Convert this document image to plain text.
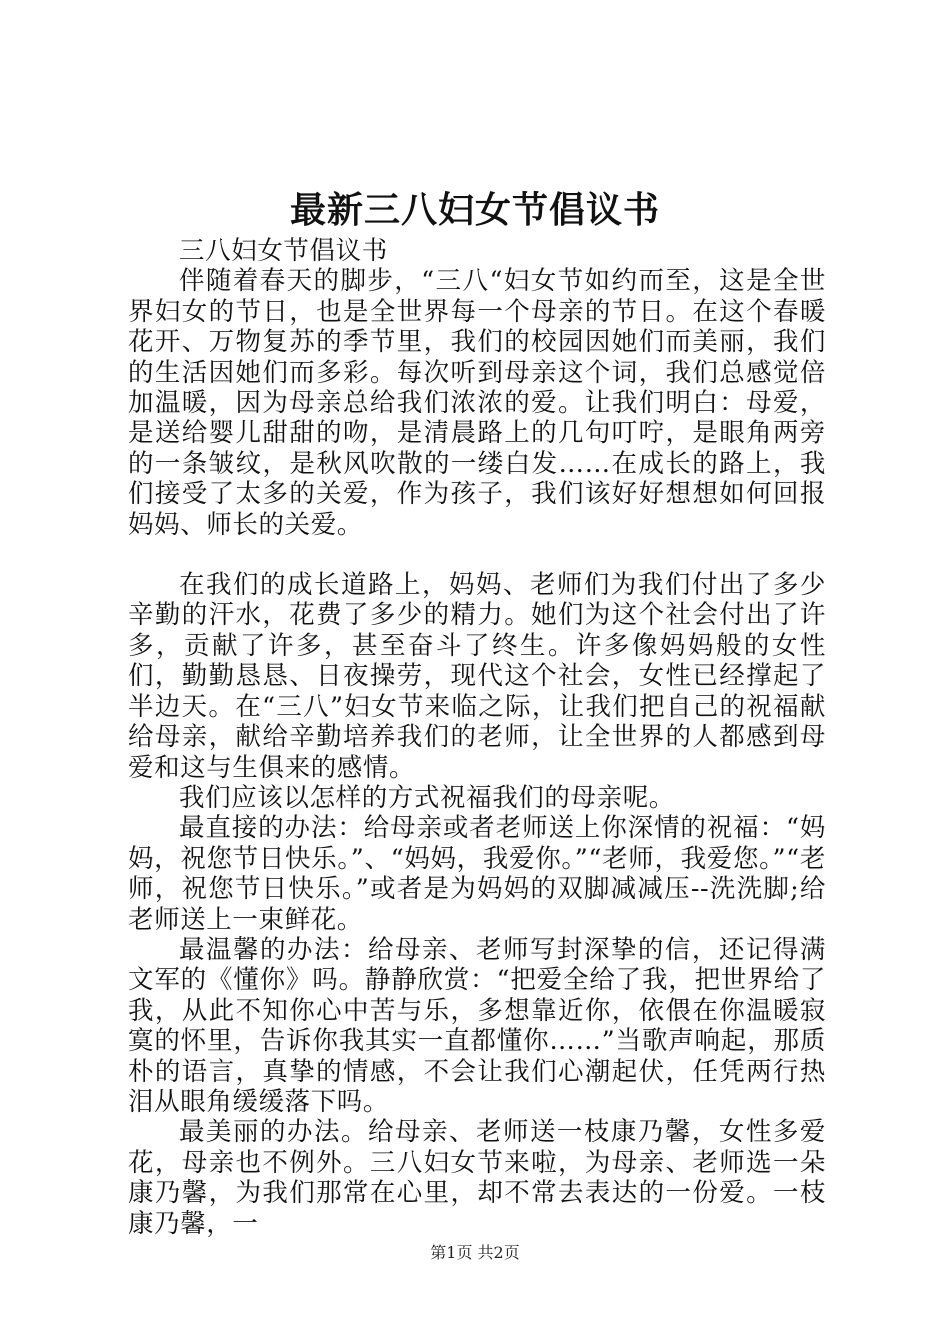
最新三八妇女节倡议书

三八妇女节倡议书

伴随着春天的脚步，“三八“妇女节如约而至，这是全世界妇女的节日，也是全世界每一个母亲的节日。在这个春暖花开、万物复苏的季节里，我们的校园因她们而美丽，我们的生活因她们而多彩。每次听到母亲这个词，我们总感觉倍加温暖，因为母亲总给我们浓浓的爱。让我们明白：母爱，是送给婴儿甜甜的吻，是清晨路上的几句叮咛，是眼角两旁的一条皱纹，是秋风吹散的一缕白发……在成长的路上，我们接受了太多的关爱，作为孩子，我们该好好想想如何回报妈妈、师长的关爱。

在我们的成长道路上，妈妈、老师们为我们付出了多少辛勤的汗水，花费了多少的精力。她们为这个社会付出了许多，贡献了许多，甚至奋斗了终生。许多像妈妈般的女性们，勤勤恳恳、日夜操劳，现代这个社会，女性已经撑起了半边天。在“三八”妇女节来临之际，让我们把自己的祝福献给母亲，献给辛勤培养我们的老师，让全世界的人都感到母爱和这与生俱来的感情。

我们应该以怎样的方式祝福我们的母亲呢。

最直接的办法：给母亲或者老师送上你深情的祝福：“妈妈，祝您节日快乐。”、“妈妈，我爱你。”“老师，我爱您。”“老师，祝您节日快乐。”或者是为妈妈的双脚减减压--洗洗脚;给老师送上一束鲜花。

最温馨的办法：给母亲、老师写封深挚的信，还记得满文军的《懂你》吗。静静欣赏：“把爱全给了我，把世界给了我，从此不知你心中苦与乐，多想靠近你，依偎在你温暖寂寞的怀里，告诉你我其实一直都懂你……”当歌声响起，那质朴的语言，真挚的情感，不会让我们心潮起伏，任凭两行热泪从眼角缓缓落下吗。

最美丽的办法。给母亲、老师送一枝康乃馨，女性多爱花，母亲也不例外。三八妇女节来啦，为母亲、老师选一朵康乃馨，为我们那常在心里，却不常去表达的一份爱。一枝康乃馨，一

第1页 共2页
